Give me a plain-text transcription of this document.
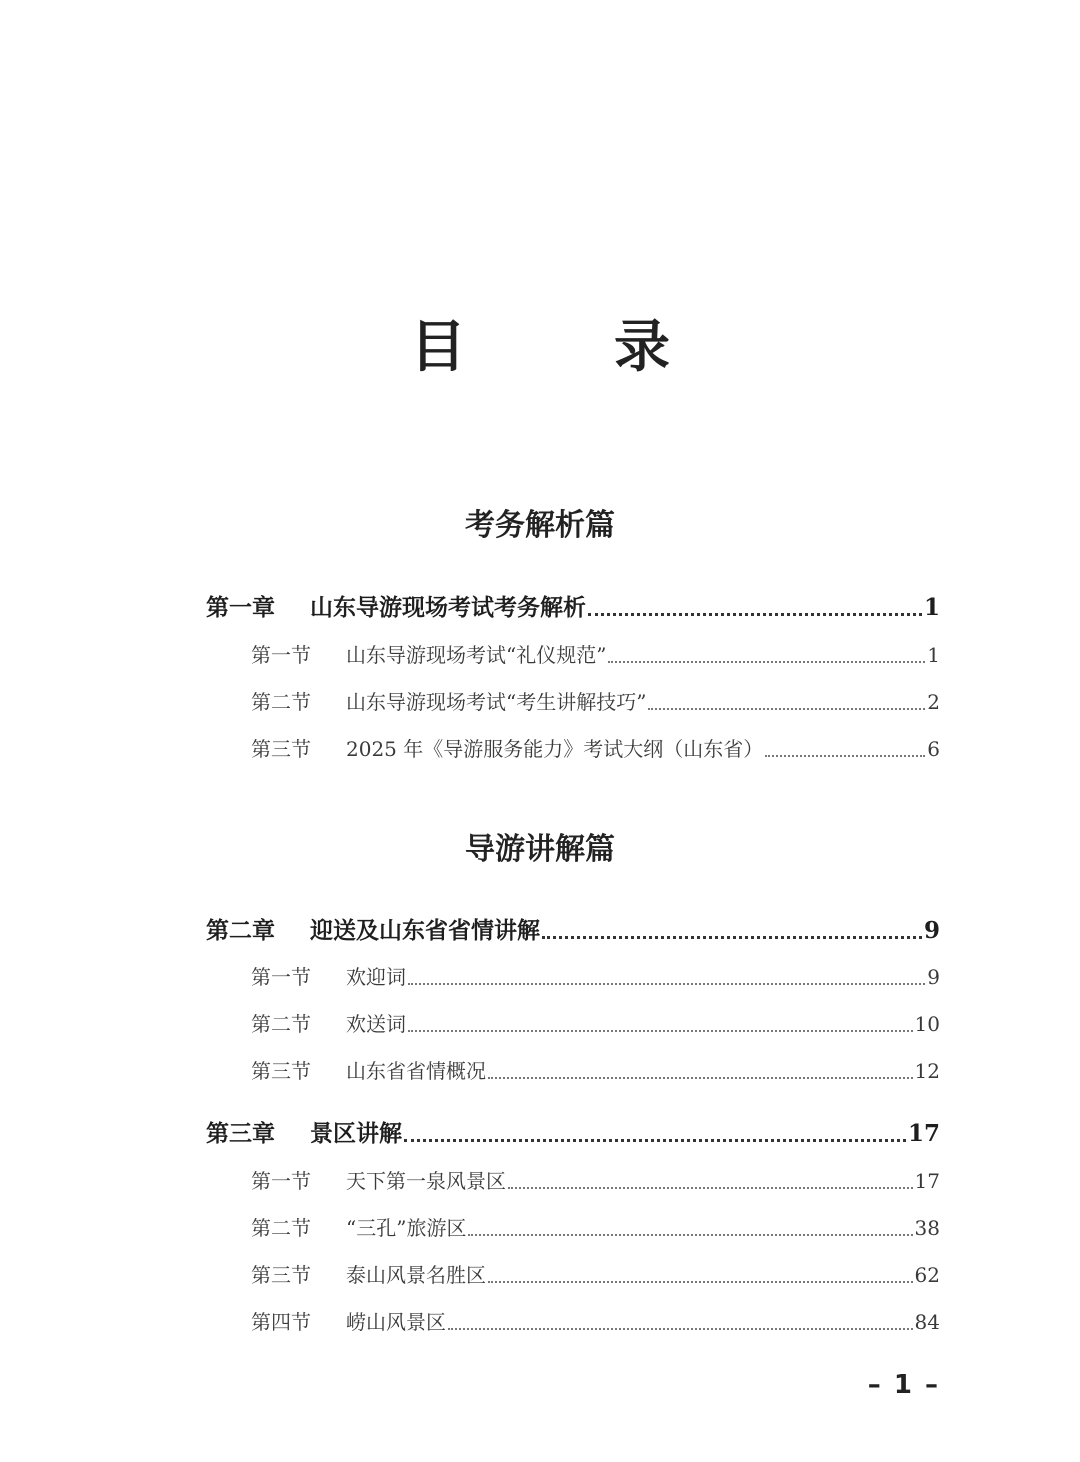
目　录
考务解析篇
第一章	山东导游现场考试考务解析	1
第一节	山东导游现场考试“礼仪规范”	1
第二节	山东导游现场考试“考生讲解技巧”	2
第三节	2025 年《导游服务能力》考试大纲（山东省）	6
导游讲解篇
第二章	迎送及山东省省情讲解	9
第一节	欢迎词	9
第二节	欢送词	10
第三节	山东省省情概况	12
第三章	景区讲解	17
第一节	天下第一泉风景区	17
第二节	“三孔”旅游区	38
第三节	泰山风景名胜区	62
第四节	崂山风景区	84
– 1 –
